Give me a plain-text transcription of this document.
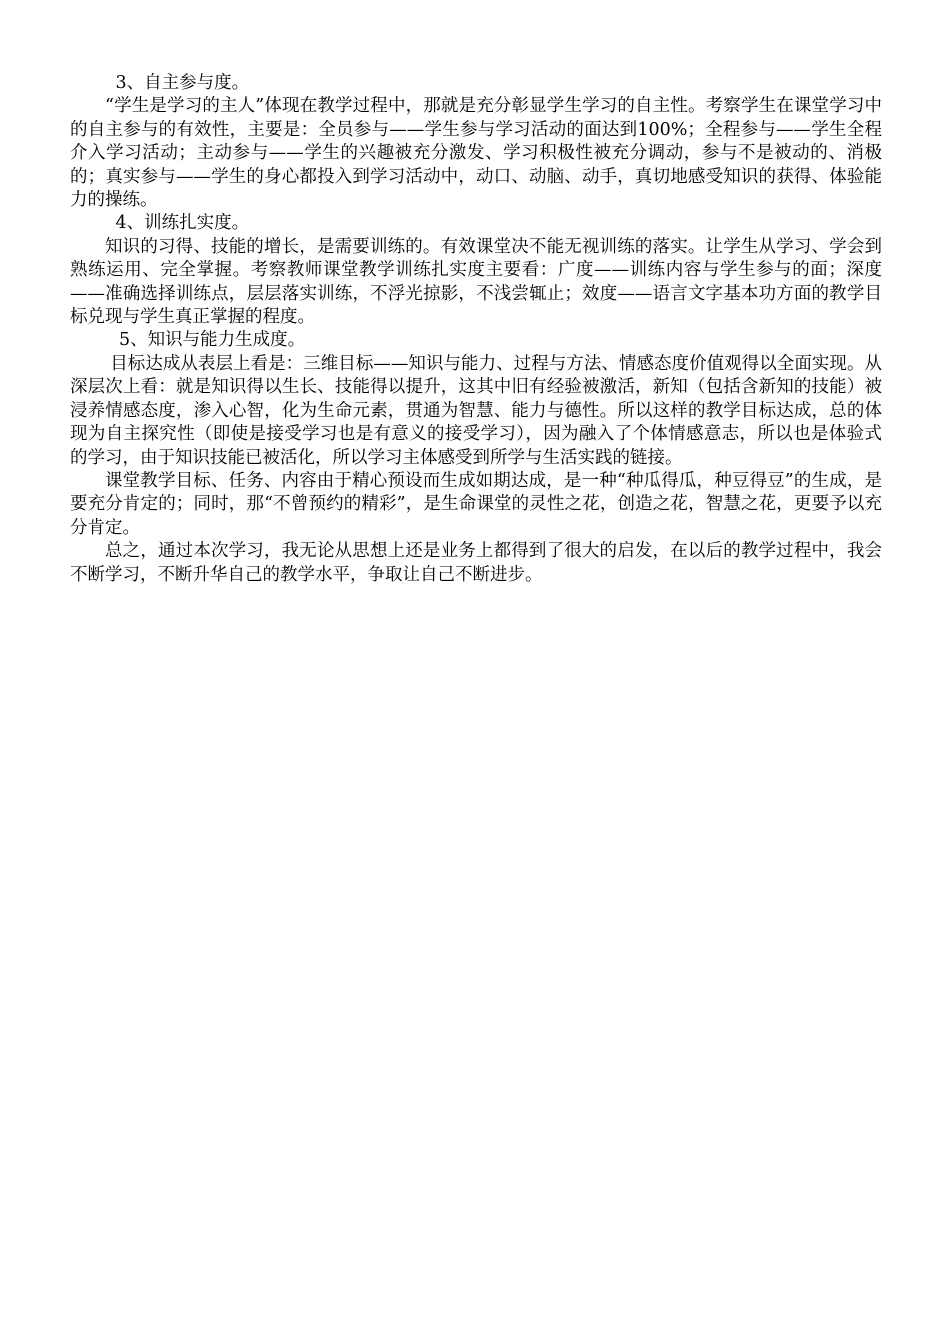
3、自主参与度。

“学生是学习的主人”体现在教学过程中，那就是充分彰显学生学习的自主性。考察学生在课堂学习中的自主参与的有效性，主要是：全员参与——学生参与学习活动的面达到100%；全程参与——学生全程介入学习活动；主动参与——学生的兴趣被充分激发、学习积极性被充分调动，参与不是被动的、消极的；真实参与——学生的身心都投入到学习活动中，动口、动脑、动手，真切地感受知识的获得、体验能力的操练。

4、训练扎实度。

知识的习得、技能的增长，是需要训练的。有效课堂决不能无视训练的落实。让学生从学习、学会到熟练运用、完全掌握。考察教师课堂教学训练扎实度主要看：广度——训练内容与学生参与的面；深度——准确选择训练点，层层落实训练，不浮光掠影，不浅尝辄止；效度——语言文字基本功方面的教学目标兑现与学生真正掌握的程度。

5、知识与能力生成度。

目标达成从表层上看是：三维目标——知识与能力、过程与方法、情感态度价值观得以全面实现。从深层次上看：就是知识得以生长、技能得以提升，这其中旧有经验被激活，新知（包括含新知的技能）被浸养情感态度，渗入心智，化为生命元素，贯通为智慧、能力与德性。所以这样的教学目标达成，总的体现为自主探究性（即使是接受学习也是有意义的接受学习），因为融入了个体情感意志，所以也是体验式的学习，由于知识技能已被活化，所以学习主体感受到所学与生活实践的链接。

课堂教学目标、任务、内容由于精心预设而生成如期达成，是一种“种瓜得瓜，种豆得豆”的生成，是要充分肯定的；同时，那“不曾预约的精彩”，是生命课堂的灵性之花，创造之花，智慧之花，更要予以充分肯定。

总之，通过本次学习，我无论从思想上还是业务上都得到了很大的启发，在以后的教学过程中，我会不断学习，不断升华自己的教学水平，争取让自己不断进步。
